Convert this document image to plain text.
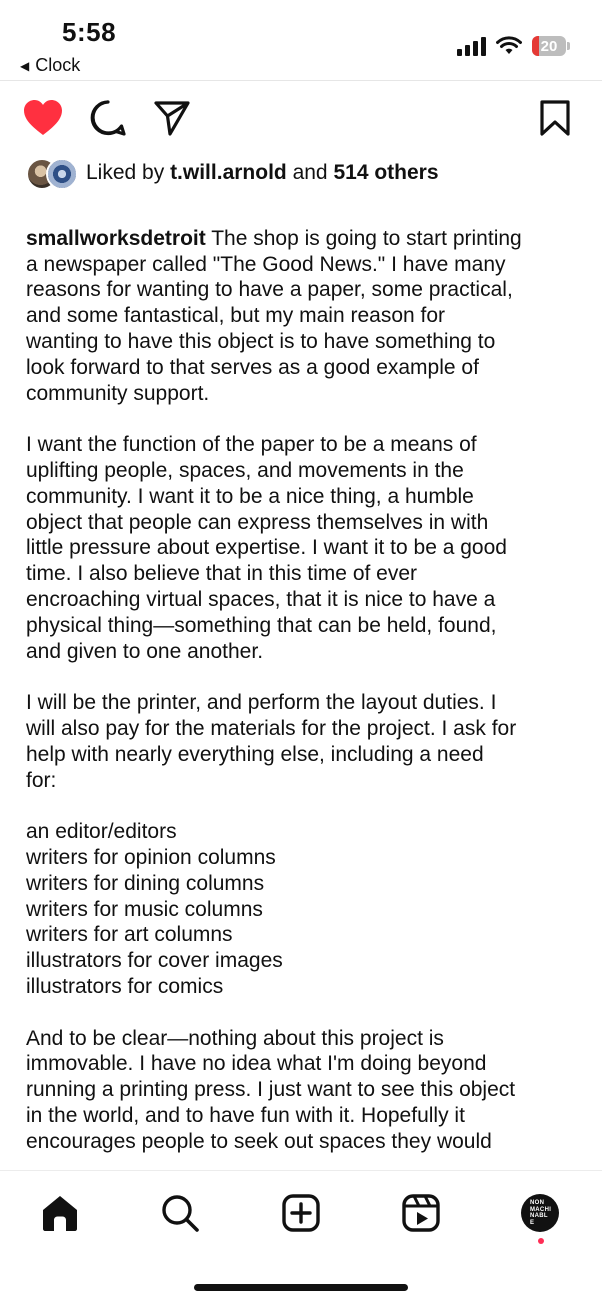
5:58
◀ Clock
20
Liked by t.will.arnold and 514 others

smallworksdetroit The shop is going to start printing
a newspaper called "The Good News." I have many
reasons for wanting to have a paper, some practical,
and some fantastical, but my main reason for
wanting to have this object is to have something to
look forward to that serves as a good example of
community support.

I want the function of the paper to be a means of
uplifting people, spaces, and movements in the
community. I want it to be a nice thing, a humble
object that people can express themselves in with
little pressure about expertise. I want it to be a good
time. I also believe that in this time of ever
encroaching virtual spaces, that it is nice to have a
physical thing—something that can be held, found,
and given to one another.

I will be the printer, and perform the layout duties. I
will also pay for the materials for the project. I ask for
help with nearly everything else, including a need
for:

an editor/editors
writers for opinion columns
writers for dining columns
writers for music columns
writers for art columns
illustrators for cover images
illustrators for comics

And to be clear—nothing about this project is
immovable. I have no idea what I'm doing beyond
running a printing press. I just want to see this object
in the world, and to have fun with it. Hopefully it
encourages people to seek out spaces they would

NON MACHI NABL E
